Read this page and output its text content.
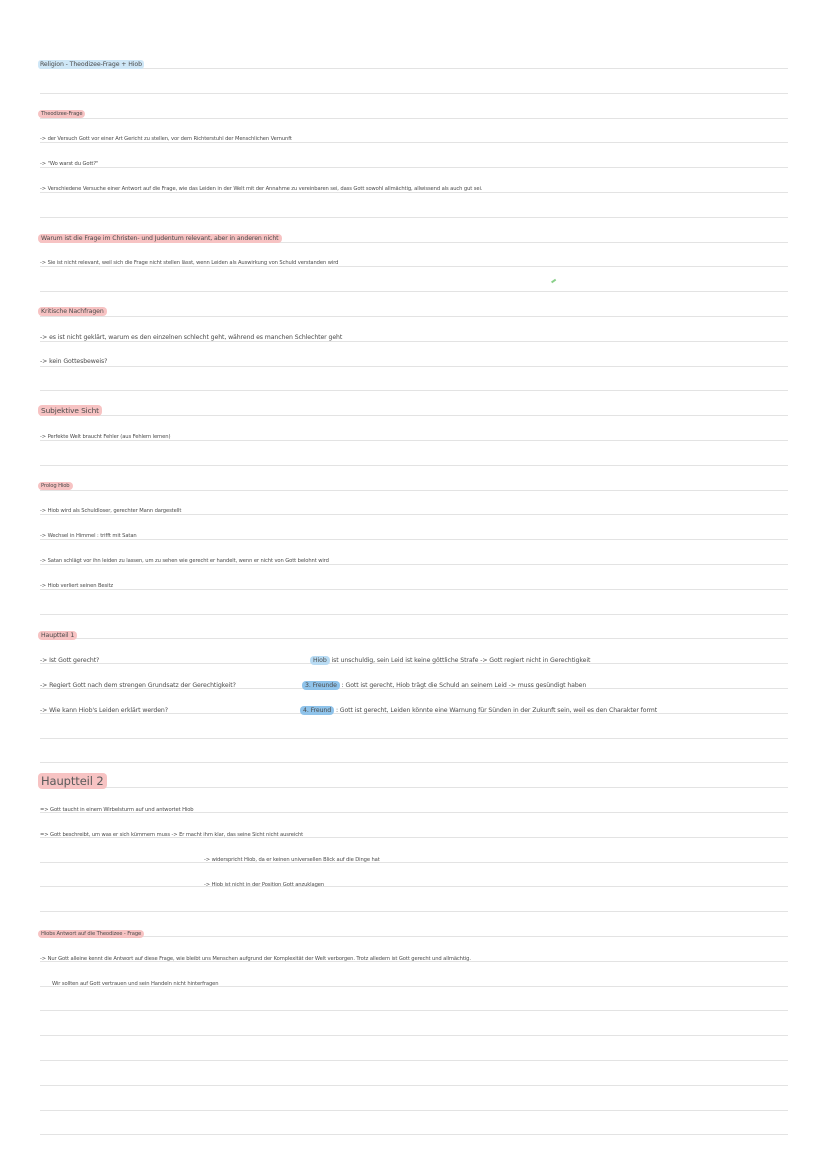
Religion - Theodizee-Frage + Hiob
Theodizee-Frage
-> der Versuch Gott vor einer Art Gericht zu stellen, vor dem Richterstuhl der Menschlichen Vernunft
-> "Wo warst du Gott?"
-> Verschiedene Versuche einer Antwort auf die Frage, wie das Leiden in der Welt mit der Annahme zu vereinbaren sei, dass Gott sowohl allmächtig, allwissend als auch gut sei.
Warum ist die Frage im Christen- und Judentum relevant, aber in anderen nicht
-> Sie ist nicht relevant, weil sich die Frage nicht stellen lässt, wenn Leiden als Auswirkung von Schuld verstanden wird
Kritische Nachfragen
-> es ist nicht geklärt, warum es den einzelnen schlecht geht, während es manchen Schlechter geht
-> kein Gottesbeweis?
Subjektive Sicht
-> Perfekte Welt braucht Fehler (aus Fehlern lernen)
Prolog Hiob
-> Hiob wird als Schuldloser, gerechter Mann dargestellt
-> Wechsel in Himmel : trifft mit Satan
-> Satan schlägt vor ihn leiden zu lassen, um zu sehen wie gerecht er handelt, wenn er nicht von Gott belohnt wird
-> Hiob verliert seinen Besitz
Hauptteil 1
-> Ist Gott gerecht?	Hiob ist unschuldig, sein Leid ist keine göttliche Strafe -> Gott regiert nicht in Gerechtigkeit
-> Regiert Gott nach dem strengen Grundsatz der Gerechtigkeit?	3. Freunde : Gott ist gerecht, Hiob trägt die Schuld an seinem Leid -> muss gesündigt haben
-> Wie kann Hiob's Leiden erklärt werden?	4. Freund : Gott ist gerecht, Leiden könnte eine Warnung für Sünden in der Zukunft sein, weil es den Charakter formt
Hauptteil 2
=> Gott taucht in einem Wirbelsturm auf und antwortet Hiob
=> Gott beschreibt, um was er sich kümmern muss -> Er macht ihm klar, das seine Sicht nicht ausreicht
-> widerspricht Hiob, da er keinen universellen Blick auf die Dinge hat
-> Hiob ist nicht in der Position Gott anzuklagen
Hiobs Antwort auf die Theodizee - Frage
-> Nur Gott alleine kennt die Antwort auf diese Frage, wie bleibt uns Menschen aufgrund der Komplexität der Welt verborgen. Trotz alledem ist Gott gerecht und allmächtig.
Wir sollten auf Gott vertrauen und sein Handeln nicht hinterfragen
